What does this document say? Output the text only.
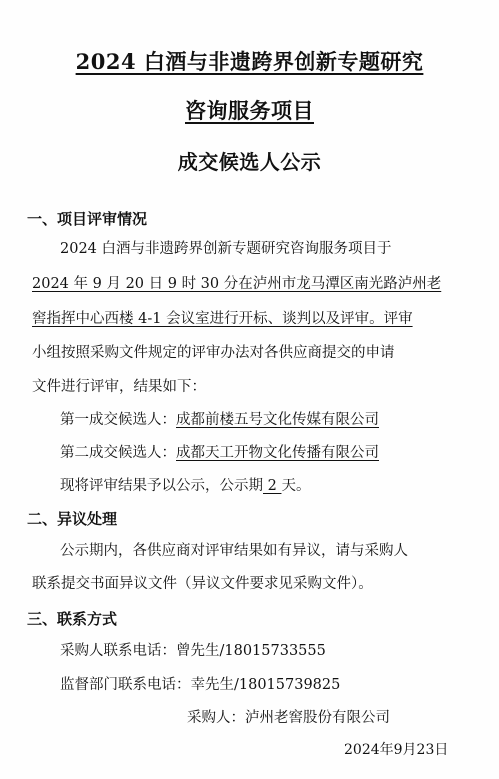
2024 白酒与非遗跨界创新专题研究
咨询服务项目
成交候选人公示
一、项目评审情况
2024 白酒与非遗跨界创新专题研究咨询服务项目于
2024 年 9 月 20 日 9 时 30 分在泸州市龙马潭区南光路泸州老
窖指挥中心西楼 4-1 会议室进行开标、谈判以及评审。评审
小组按照采购文件规定的评审办法对各供应商提交的申请
文件进行评审，结果如下：
第一成交候选人：成都前楼五号文化传媒有限公司
第二成交候选人：成都天工开物文化传播有限公司
现将评审结果予以公示，公示期 2 天。
二、异议处理
公示期内，各供应商对评审结果如有异议，请与采购人
联系提交书面异议文件（异议文件要求见采购文件）。
三、联系方式
采购人联系电话：曾先生/18015733555
监督部门联系电话：幸先生/18015739825
采购人：泸州老窖股份有限公司
2024年9月23日
